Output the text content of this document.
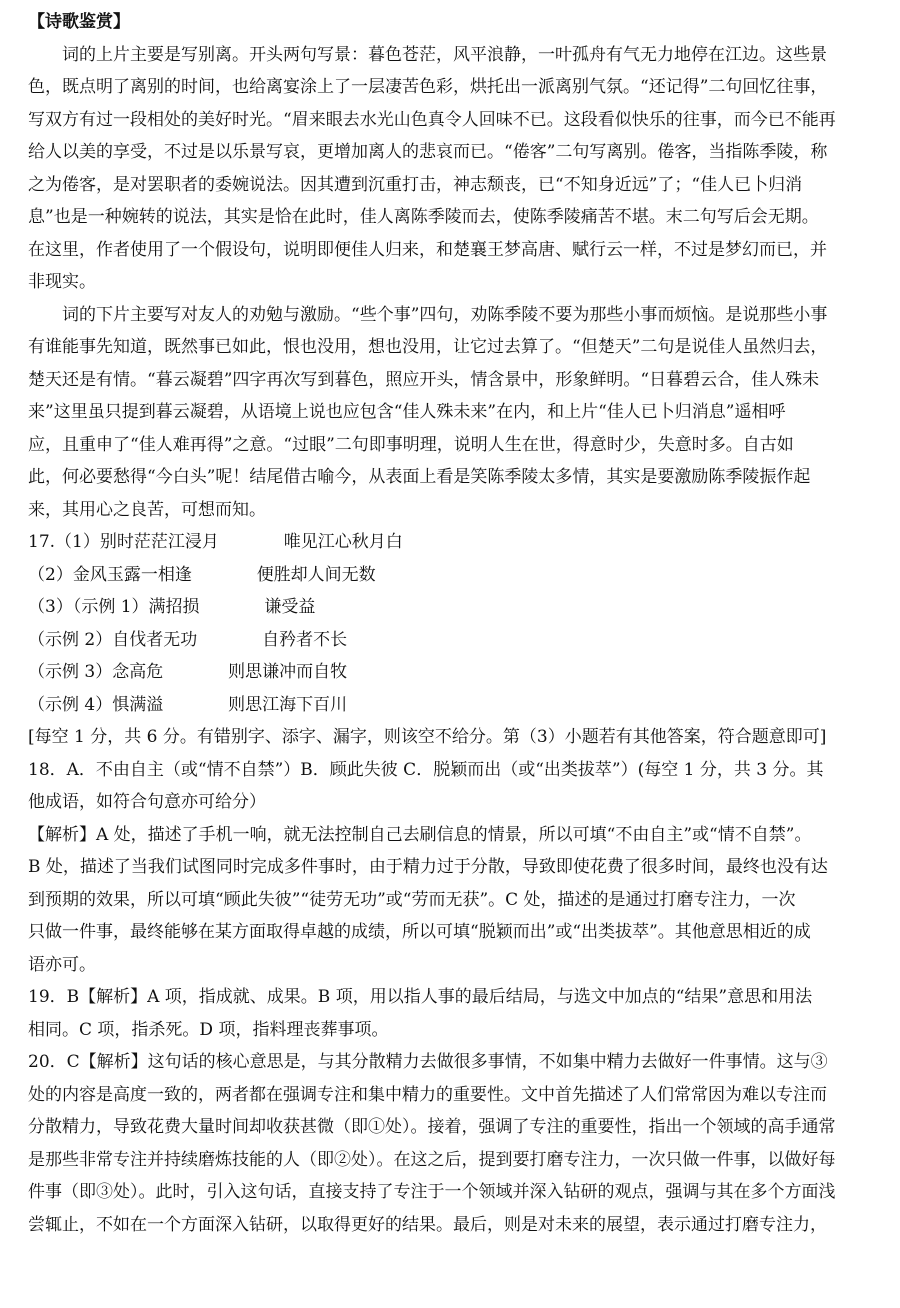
【诗歌鉴赏】
词的上片主要是写别离。开头两句写景：暮色苍茫，风平浪静，一叶孤舟有气无力地停在江边。这些景
色，既点明了离别的时间，也给离宴涂上了一层凄苦色彩，烘托出一派离别气氛。“还记得”二句回忆往事，
写双方有过一段相处的美好时光。“眉来眼去水光山色真令人回味不已。这段看似快乐的往事，而今已不能再
给人以美的享受，不过是以乐景写哀，更增加离人的悲哀而已。“倦客”二句写离别。倦客，当指陈季陵，称
之为倦客，是对罢职者的委婉说法。因其遭到沉重打击，神志颓丧，已“不知身近远”了；“佳人已卜归消
息”也是一种婉转的说法，其实是恰在此时，佳人离陈季陵而去，使陈季陵痛苦不堪。末二句写后会无期。
在这里，作者使用了一个假设句，说明即便佳人归来，和楚襄王梦高唐、赋行云一样，不过是梦幻而已，并
非现实。
词的下片主要写对友人的劝勉与激励。“些个事”四句，劝陈季陵不要为那些小事而烦恼。是说那些小事
有谁能事先知道，既然事已如此，恨也没用，想也没用，让它过去算了。“但楚天”二句是说佳人虽然归去，
楚天还是有情。“暮云凝碧”四字再次写到暮色，照应开头，情含景中，形象鲜明。“日暮碧云合，佳人殊未
来”这里虽只提到暮云凝碧，从语境上说也应包含“佳人殊未来”在内，和上片“佳人已卜归消息”遥相呼
应，且重申了“佳人难再得”之意。“过眼”二句即事明理，说明人生在世，得意时少，失意时多。自古如
此，何必要愁得“今白头”呢！结尾借古喻今，从表面上看是笑陈季陵太多情，其实是要激励陈季陵振作起
来，其用心之良苦，可想而知。
17.（1）别时茫茫江浸月	唯见江心秋月白
（2）金风玉露一相逢	便胜却人间无数
（3）（示例 1）满招损	谦受益
（示例 2）自伐者无功	自矜者不长
（示例 3）念高危	则思谦冲而自牧
（示例 4）惧满溢	则思江海下百川
[每空 1 分，共 6 分。有错别字、添字、漏字，则该空不给分。第（3）小题若有其他答案，符合题意即可]
18．A．不由自主（或“情不自禁”）B．顾此失彼 C．脱颖而出（或“出类拔萃”）(每空 1 分，共 3 分。其
他成语，如符合句意亦可给分）
【解析】A 处，描述了手机一响，就无法控制自己去刷信息的情景，所以可填“不由自主”或“情不自禁”。
B 处，描述了当我们试图同时完成多件事时，由于精力过于分散，导致即使花费了很多时间，最终也没有达
到预期的效果，所以可填“顾此失彼”“徒劳无功”或“劳而无获”。C 处，描述的是通过打磨专注力，一次
只做一件事，最终能够在某方面取得卓越的成绩，所以可填“脱颖而出”或“出类拔萃”。其他意思相近的成
语亦可。
19．B【解析】A 项，指成就、成果。B 项，用以指人事的最后结局，与选文中加点的“结果”意思和用法
相同。C 项，指杀死。D 项，指料理丧葬事项。
20．C【解析】这句话的核心意思是，与其分散精力去做很多事情，不如集中精力去做好一件事情。这与③
处的内容是高度一致的，两者都在强调专注和集中精力的重要性。文中首先描述了人们常常因为难以专注而
分散精力，导致花费大量时间却收获甚微（即①处）。接着，强调了专注的重要性，指出一个领域的高手通常
是那些非常专注并持续磨炼技能的人（即②处）。在这之后，提到要打磨专注力，一次只做一件事，以做好每
件事（即③处）。此时，引入这句话，直接支持了专注于一个领域并深入钻研的观点，强调与其在多个方面浅
尝辄止，不如在一个方面深入钻研，以取得更好的结果。最后，则是对未来的展望，表示通过打磨专注力，
